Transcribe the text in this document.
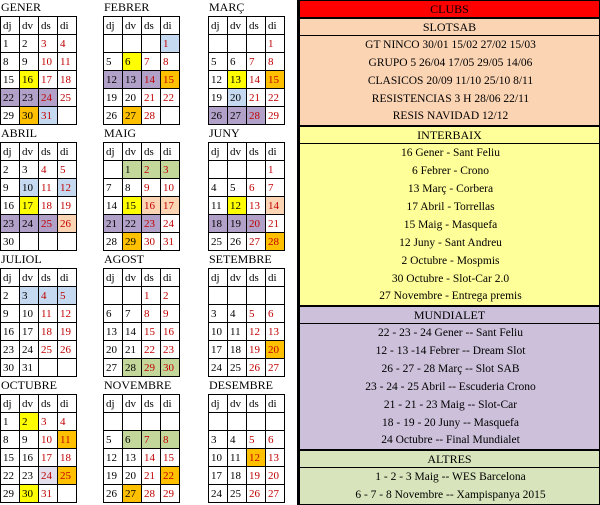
GENER
dj	dv	ds	di
1	2	3	4
8	9	10	11
15	16	17	18
22	23	24	25
29	30	31	
FEBRER
dj	dv	ds	di
			1
5	6	7	8
12	13	14	15
19	20	21	22
26	27	28	
MARÇ
dj	dv	ds	di
			1
5	6	7	8
12	13	14	15
19	20	21	22
26	27	28	29
ABRIL
dj	dv	ds	di
2	3	4	5
9	10	11	12
16	17	18	19
23	24	25	26
30			
MAIG
dj	dv	ds	di
	1	2	3
7	8	9	10
14	15	16	17
21	22	23	24
28	29	30	31
JUNY
dj	dv	ds	di
			1
4	5	6	7
11	12	13	14
18	19	20	21
25	26	27	28
JULIOL
dj	dv	ds	di
2	3	4	5
9	10	11	12
16	17	18	19
23	24	25	26
30	31		
AGOST
dj	dv	ds	di
		1	2
6	7	8	9
13	14	15	16
20	21	22	23
27	28	29	30
SETEMBRE
dj	dv	ds	di

3	4	5	6
10	11	12	13
17	18	19	20
24	25	26	27
OCTUBRE
dj	dv	ds	di
1	2	3	4
8	9	10	11
15	16	17	18
22	23	24	25
29	30	31	
NOVEMBRE
dj	dv	ds	di

5	6	7	8
12	13	14	15
19	20	21	22
26	27	28	29
DESEMBRE
dj	dv	ds	di

3	4	5	6
10	11	12	13
17	18	19	20
24	25	26	27
CLUBS
SLOTSAB
GT NINCO 30/01 15/02 27/02 15/03
GRUPO 5 26/04 17/05 29/05 14/06
CLASICOS 20/09 11/10 25/10 8/11
RESISTENCIAS 3 H 28/06 22/11
RESIS NAVIDAD 12/12
INTERBAIX
16 Gener - Sant Feliu
6 Febrer - Crono
13 Març - Corbera
17 Abril - Torrellas
15 Maig - Masquefa
12 Juny - Sant Andreu
2 Octubre - Mospmis
30 Octubre - Slot-Car 2.0
27 Novembre - Entrega premis
MUNDIALET
22 - 23 - 24 Gener -- Sant Feliu
12 - 13 -14 Febrer -- Dream Slot
26 - 27 - 28 Març -- Slot SAB
23 - 24 - 25 Abril -- Escuderia Crono
21 - 21 - 23 Maig -- Slot-Car
18 - 19 - 20 Juny -- Masquefa
24 Octubre -- Final Mundialet
ALTRES
1 - 2 - 3 Maig -- WES Barcelona
6 - 7 - 8 Novembre -- Xampispanya 2015
